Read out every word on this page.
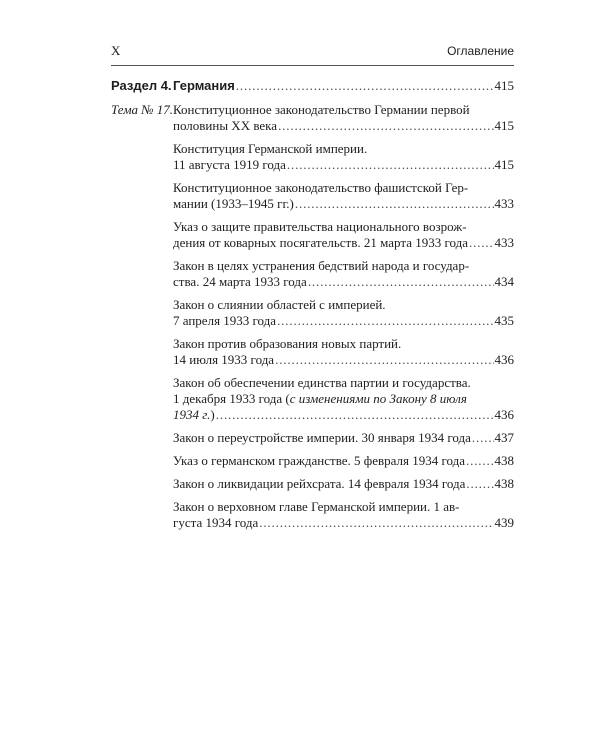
X	Оглавление
Раздел 4. Германия . . .	415
Тема № 17. Конституционное законодательство Германии первой
половины XX века . . .	415
Конституция Германской империи.
11 августа 1919 года . . .	415
Конституционное законодательство фашистской Гер-
мании (1933–1945 гг.) . . .	433
Указ о защите правительства национального возрож-
дения от коварных посягательств. 21 марта 1933 года . . . 433
Закон в целях устранения бедствий народа и государ-
ства. 24 марта 1933 года . . .	434
Закон о слиянии областей с империей.
7 апреля 1933 года . . .	435
Закон против образования новых партий.
14 июля 1933 года . . .	436
Закон об обеспечении единства партии и государства.
1 декабря 1933 года (с изменениями по Закону 8 июля
1934 г.) . . .	436
Закон о переустройстве империи. 30 января 1934 года . . . 437
Указ о германском гражданстве. 5 февраля 1934 года . . . 438
Закон о ликвидации рейхсрата. 14 февраля 1934 года . . . 438
Закон о верховном главе Германской империи. 1 ав-
густа 1934 года . . .	439
